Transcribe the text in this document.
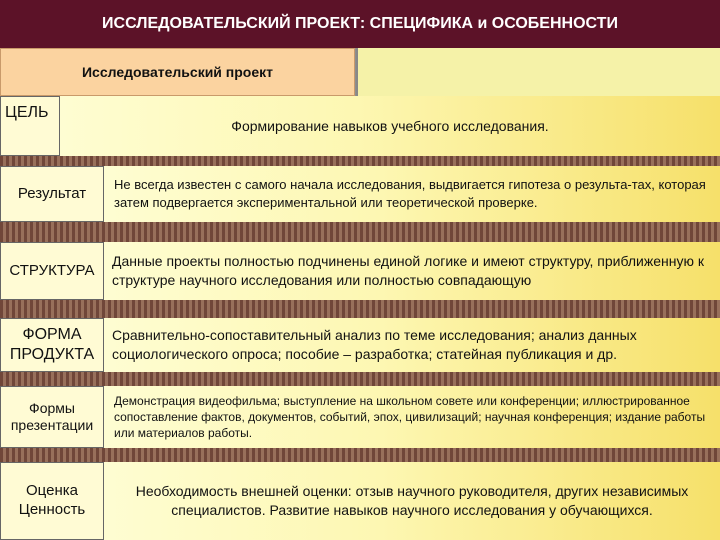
ИССЛЕДОВАТЕЛЬСКИЙ ПРОЕКТ: СПЕЦИФИКА и ОСОБЕННОСТИ
Исследовательский проект
ЦЕЛЬ
Формирование навыков учебного исследования.
Результат	Не всегда известен с самого начала исследования, выдвигается гипотеза о результа-тах, которая затем подвергается экспериментальной или теоретической проверке.
СТРУКТУРА
Данные проекты полностью подчинены единой логике и имеют структуру, приближенную к структуре научного исследования или полностью совпадающую
ФОРМА ПРОДУКТА
Сравнительно-сопоставительный анализ по теме исследования; анализ данных социологического опроса; пособие – разработка; статейная публикация и др.
Формы презентации
Демонстрация видеофильма; выступление на школьном совете или конференции; иллюстрированное сопоставление фактов, документов, событий, эпох, цивилизаций; научная конференция; издание работы или материалов работы.
Оценка Ценность
Необходимость внешней оценки: отзыв научного руководителя, других независимых специалистов. Развитие навыков научного исследования у обучающихся.
